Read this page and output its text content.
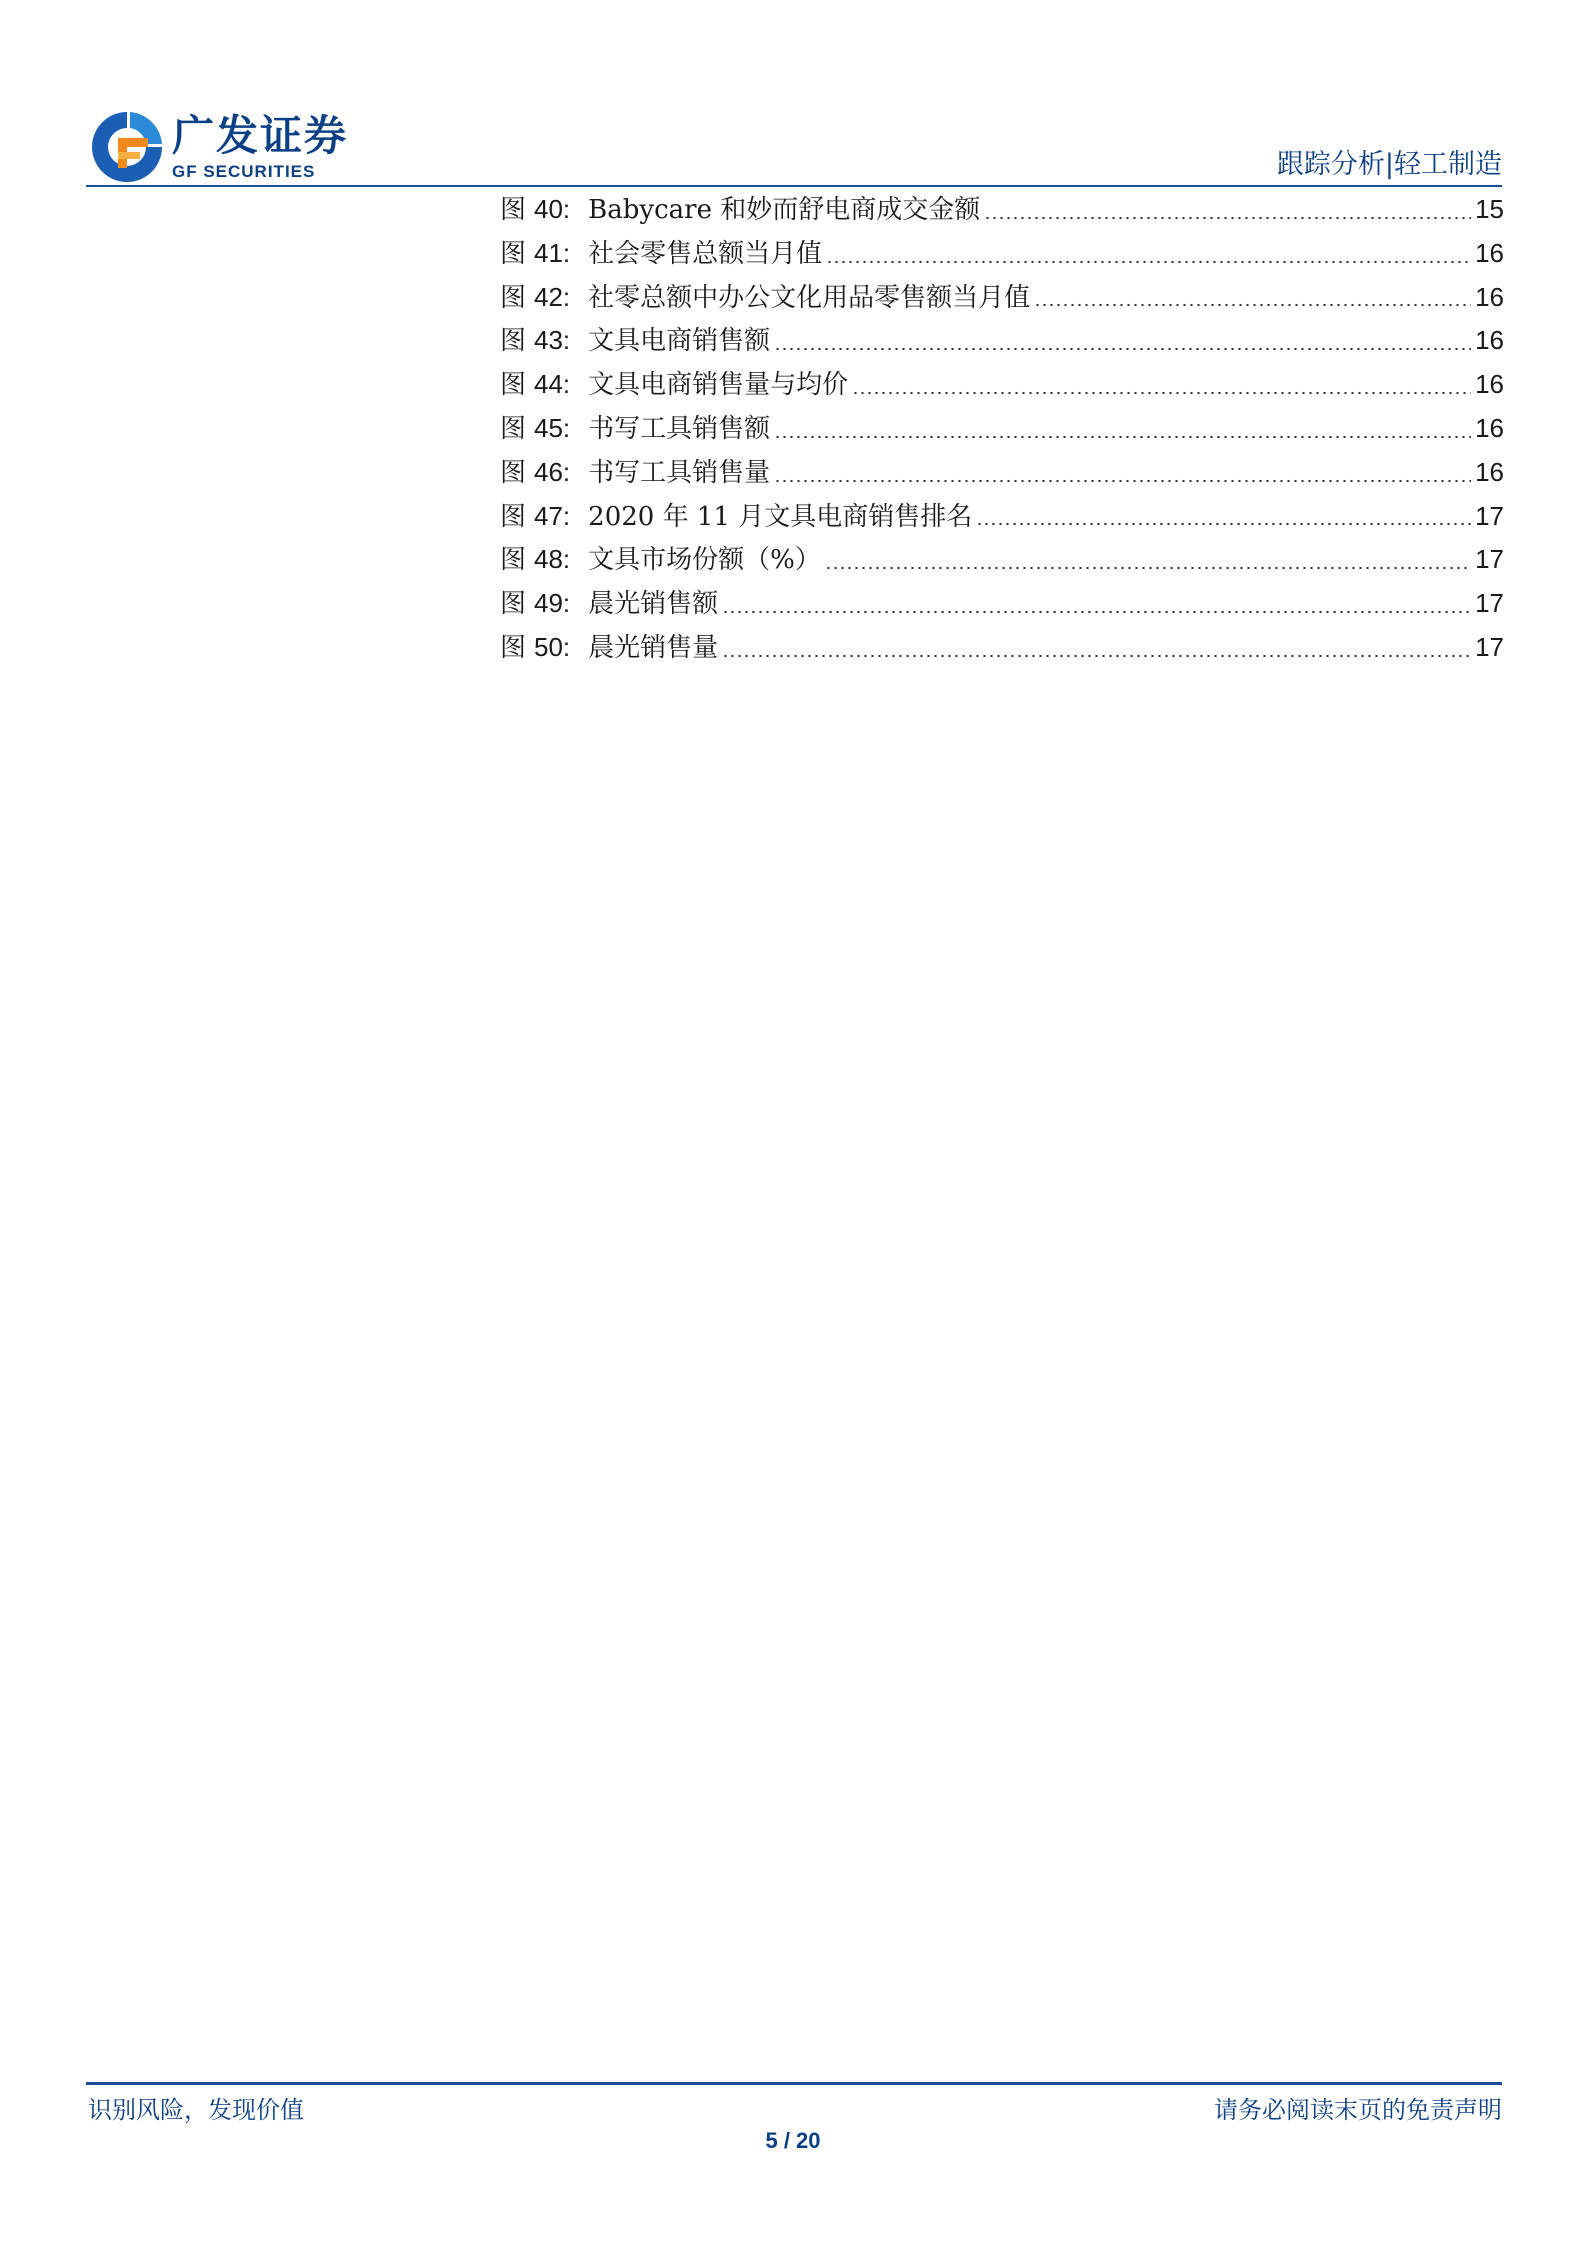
广发证券
GF SECURITIES	跟踪分析|轻工制造
图 40: Babycare 和妙而舒电商成交金额	15
图 41: 社会零售总额当月值	16
图 42: 社零总额中办公文化用品零售额当月值	16
图 43: 文具电商销售额	16
图 44: 文具电商销售量与均价	16
图 45: 书写工具销售额	16
图 46: 书写工具销售量	16
图 47: 2020 年 11 月文具电商销售排名	17
图 48: 文具市场份额（%）	17
图 49: 晨光销售额	17
图 50: 晨光销售量	17
识别风险，发现价值	请务必阅读末页的免责声明
5 / 20
